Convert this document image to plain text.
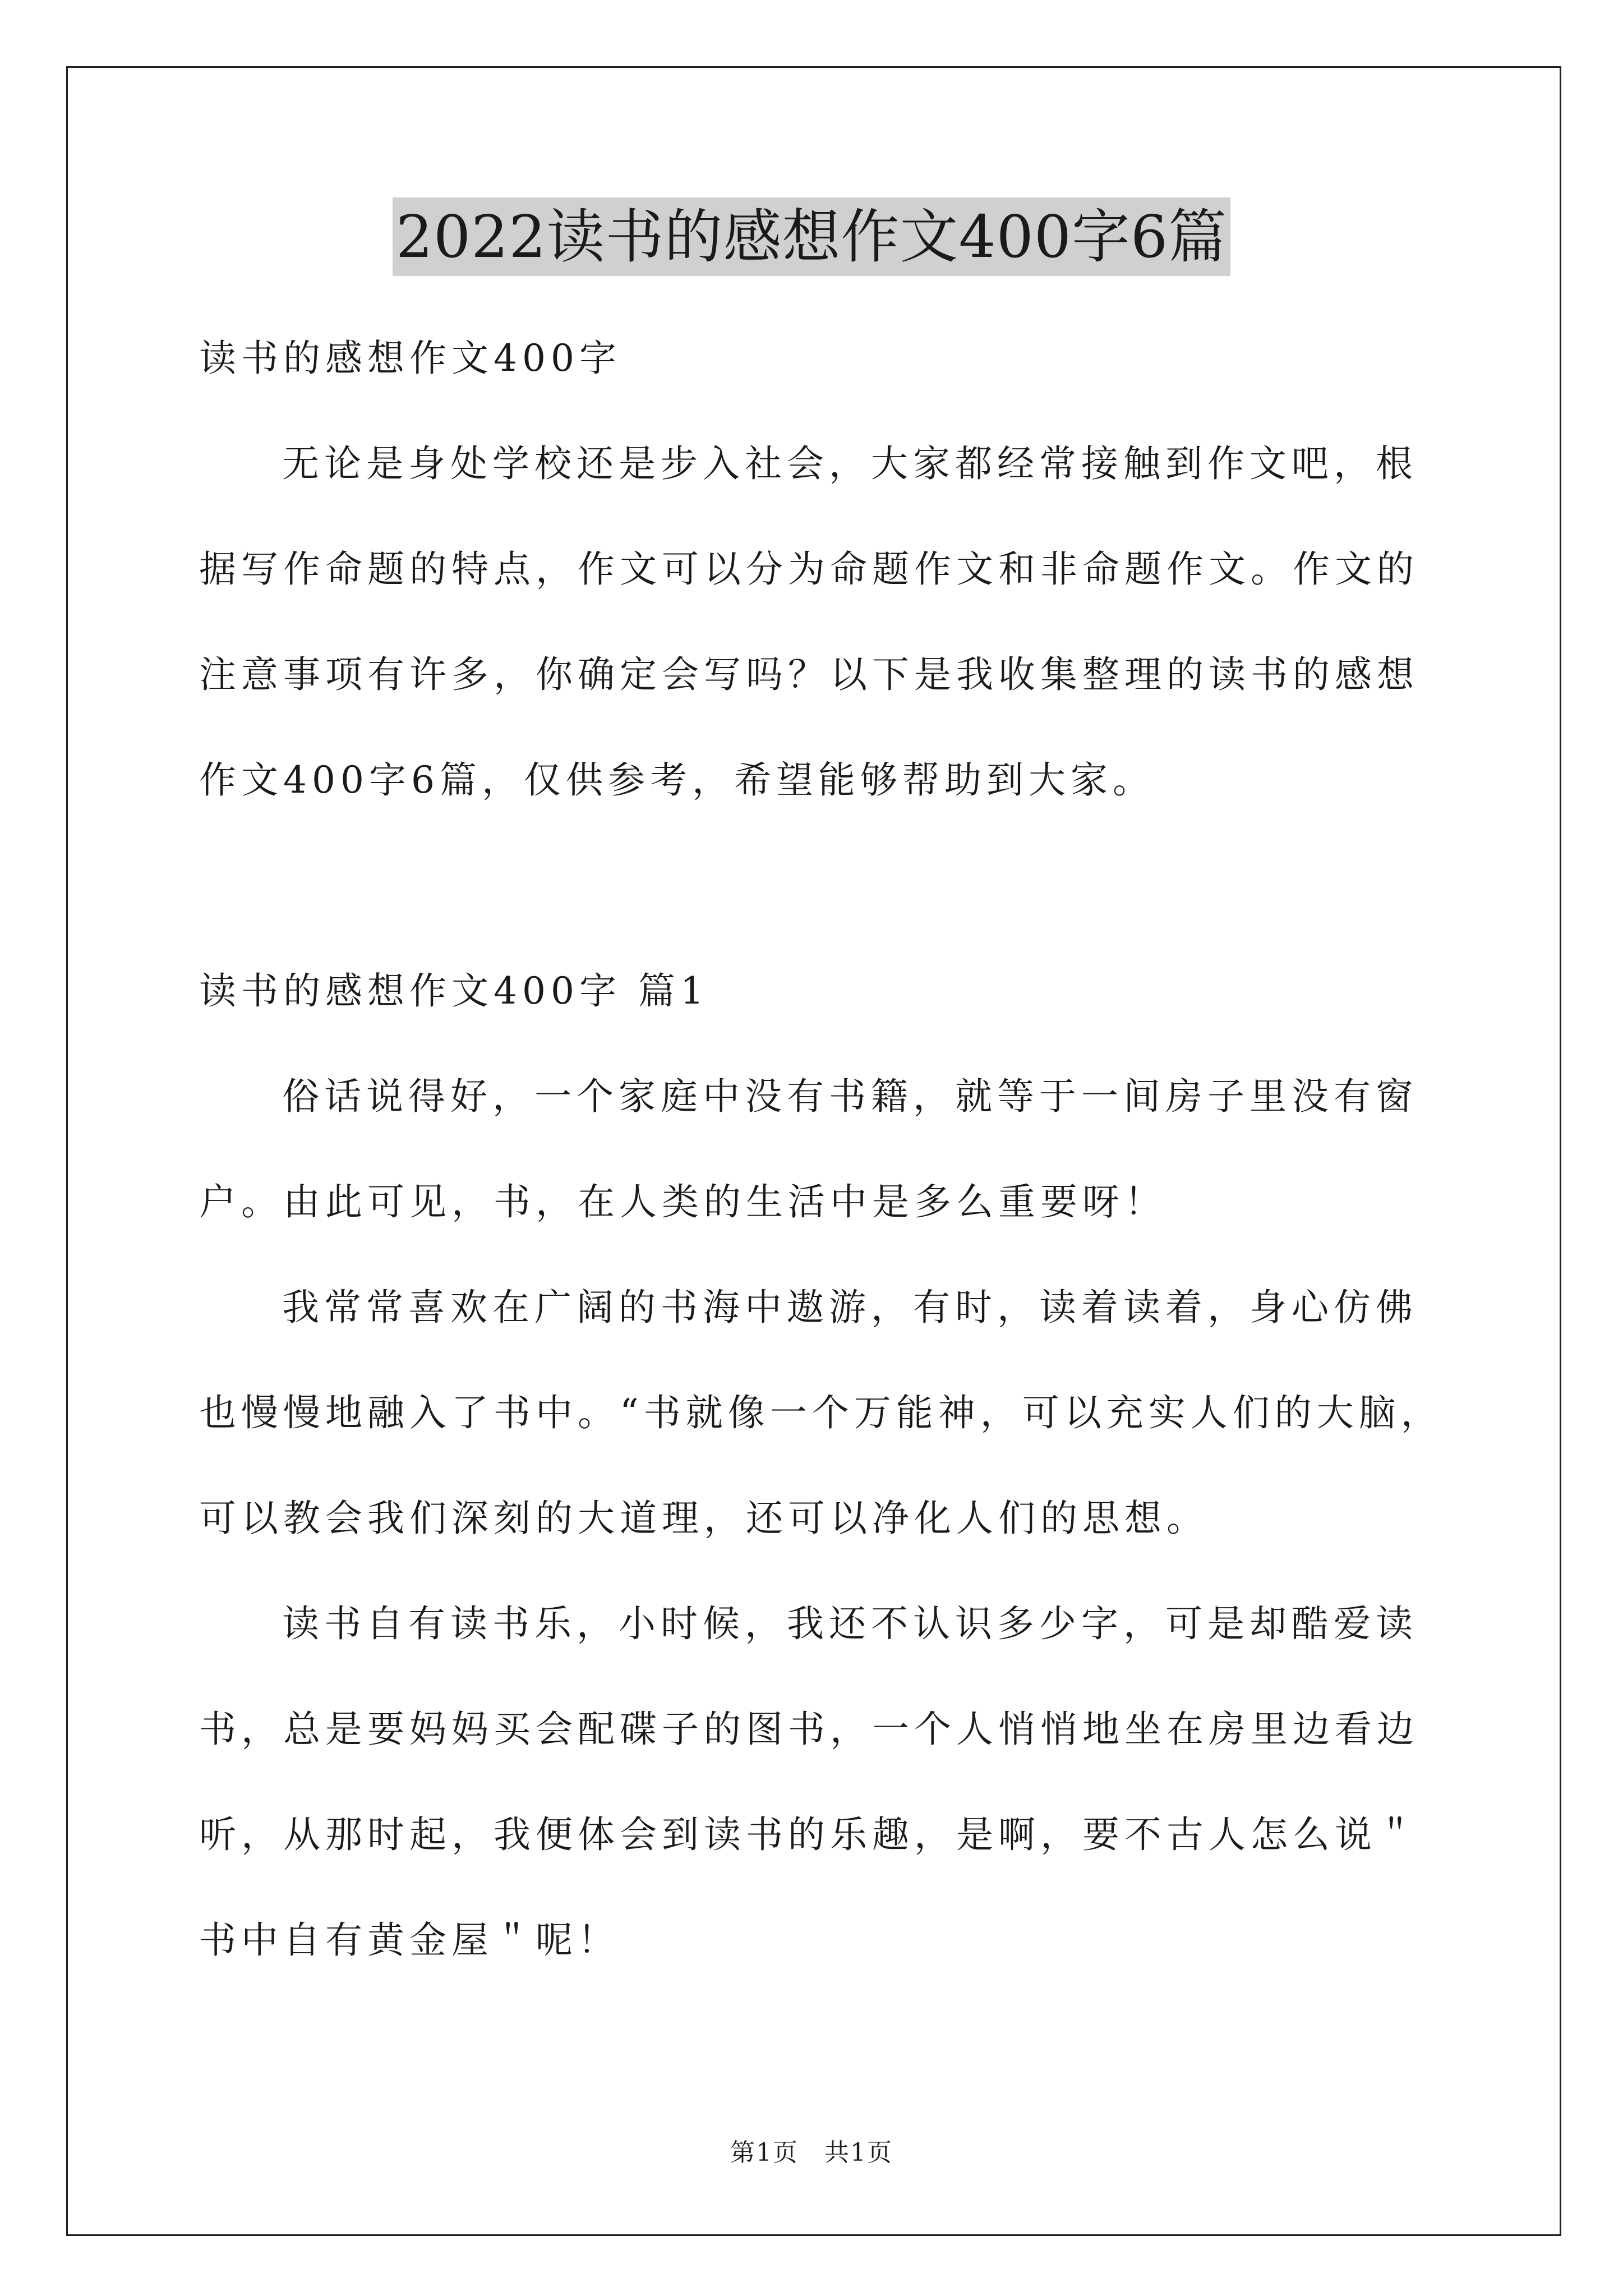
2022读书的感想作文400字6篇

读书的感想作文400字

无论是身处学校还是步入社会，大家都经常接触到作文吧，根据写作命题的特点，作文可以分为命题作文和非命题作文。作文的注意事项有许多，你确定会写吗？以下是我收集整理的读书的感想作文400字6篇，仅供参考，希望能够帮助到大家。

读书的感想作文400字 篇1

俗话说得好，一个家庭中没有书籍，就等于一间房子里没有窗户。由此可见，书，在人类的生活中是多么重要呀！

我常常喜欢在广阔的书海中遨游，有时，读着读着，身心仿佛也慢慢地融入了书中。“书就像一个万能神，可以充实人们的大脑，可以教会我们深刻的大道理，还可以净化人们的思想。

读书自有读书乐，小时候，我还不认识多少字，可是却酷爱读书，总是要妈妈买会配碟子的图书，一个人悄悄地坐在房里边看边听，从那时起，我便体会到读书的乐趣，是啊，要不古人怎么说＂书中自有黄金屋＂呢！

第1页　共1页
